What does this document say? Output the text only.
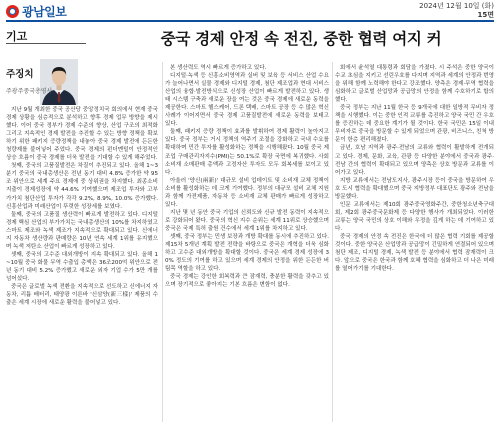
광남일보	2024년 12월 10일 (화)
15면
기고	중국 경제 안정 속 전진, 중한 협력 여지 커
주징치
주광주중국총영사

지난 9월 개최한 중국 공산당 중앙정치국 회의에서 현재 중국 경제 상황을 심층적으로 분석하고 향후 경제 업무 방향을 제시했다. 이어 중국 정부가 경제 수준의 향상, 산업 구조의 최적화 그리고 지속적인 경제 발전을 추진할 수 있는 방향 정책을 확보하기 위한 패키지 증량정책을 내놓아 중국 경제 발전에 든든한 청량제를 불어넣어 주었다. 중국 경제의 펀더멘털이 안정적인 상승 흐름이 중국 경제를 더욱 발전을 기대할 수 있게 해주었다.

첫째, 중국의 고품질발전은 차질이 추진되고 있다. 올해 1~3분기 중국의 국내총생산은 전년 동기 대비 4.8% 증가한 약 95조 위안으로 세계 주요 경제에 중 상위권을 차지했다. 최종소비지출이 경제성장에 약 44.6% 기여했으며 제조업 투자와 고부가가치 첨단산업 투자가 각각 9.2%, 8.9%, 10.0% 증가했다. 신흥산업과 미래산업이 뚜렷한 성장세를 보였다.

둘째, 중국의 고품질 생산력이 빠르게 발전하고 있다. 디지털 경제 핵심 산업의 부가가치는 국내총생산의 10%를 차지하였고 스마트 제조와 녹색 제조가 지속적으로 확대되고 있다. 신에너지 자동차 생산량과 판매량은 10년 연속 세계 1위를 유지했으며 녹색 저탄소 산업이 빠르게 성장하고 있다.

셋째, 중국의 고수준 대외개방이 지속 확대되고 있다. 올해 1~10월 중국 화물 무역 수출입 총액은 36조200억 위안으로 전년 동기 대비 5.2% 증가했고 새로운 외자 기업 수가 5만 개를 넘어섰다.

중국은 글로벌 녹색 전환을 지속적으로 선도하고 신에너지 자동차, 리튬 배터리, 태양광 이른바 '신삼양(新三樣)' 제품의 수출은 세계 시장에 새로운 활력을 불어넣고 있다.

본 생산력도 역시 빠르게 증가하고 있다.

디지털·녹색 등 신흥소비영역과 실버 및 보육 등 서비스 산업 수요가 늘어나면서 실물 경제와 디지털 경제, 첨단 제조업과 현대 서비스 산업의 융합·발전방식으로 신성장 산업이 빠르게 발전하고 있다. 생태 시스템 구축과 새로운 장을 여는 것은 중국 경제에 새로운 동력을 제공한다. 스마트 헬스케어, 드론 택배, 스마트 공장 등 수 많은 혁신 사례가 이어지면서 중국 경제 고품질발전에 새로운 동력을 보태고 있다.

둘째, 패키지 증량 정책이 효과를 발휘하여 경제 활력이 높아지고 있다. 중국 정부는 거시 정책의 역주기 조절을 강화하고 국내 수요를 확대하며 민간 투자를 활성화하는 정책을 시행해왔다. 10월 중국 제조업 구매관리자지수(PMI)는 50.1%로 확장 국면에 복귀했다. 사회소비재 소매판매 총액과 고정자산 투자도 모두 회복세를 보이고 있다.

아울러 '양신(兩新)' 대규모 설비 업데이트 및 소비재 교체 정책이 소비를 활성화하는 데 크게 기여했다. 정부의 대규모 설비 교체 지원과 함께 가전제품, 자동차 등 소비재 교체 판매가 빠르게 성장하고 있다.

지난 몇 년 동안 중국 기업의 신뢰도와 신규 발전 동력이 지속적으로 강화되어 왔다. 중국의 혁신 지수 순위는 세계 11위로 상승했으며 중국은 국제 특허 출원 건수에서 세계 1위를 차지하고 있다.

셋째, 중국 정부는 민생 보장과 개방 확대를 동시에 추진하고 있다. 제15차 5개년 계획 발전 전략을 바탕으로 중국은 개혁을 더욱 심화하고 고수준 대외개방을 확대할 것이다. 중국은 세계 경제 성장에 30% 정도의 기여를 하고 있으며 세계 경제의 안정을 위한 든든한 버팀목 역할을 하고 있다.

중국 경제는 강인한 회복력과 큰 잠재력, 충분한 활력을 갖추고 있으며 장기적으로 좋아지는 기본 흐름은 변함이 없다.

회에서 윤석열 대통령과 회담을 가졌다. 시 주석은 중한 양국이 수교 초심을 지키고 선린우호를 다지며 지역과 세계의 안정과 번영을 위해 함께 노력해야 한다고 강조했다. 양측은 경제·무역 협력을 심화하고 글로벌 산업망과 공급망의 안정을 함께 수호하기로 합의했다.

중국 정부는 지난 11월 한국 등 9개국에 대한 일방적 무비자 정책을 시행했다. 이는 중한 인적 교류를 촉진하고 양국 국민 간 우호를 증진하는 데 중요한 계기가 될 것이다. 한국 국민은 15일 이내 무비자로 중국을 방문할 수 있게 되었으며 관광, 비즈니스, 친척 방문이 한층 편리해졌다.

금년, 호남 지역과 광주·전남의 교류와 협력이 활발하게 전개되고 있다. 경제, 문화, 교육, 관광 등 다양한 분야에서 중국과 광주·전남 간의 협력이 확대되고 있으며 양측은 상호 방문과 교류를 이어가고 있다.

지방 교류에서는 전남도지사, 광주시장 등이 중국을 방문하여 우호 도시 협력을 확대했으며 중국 지방정부 대표단도 광주와 전남을 방문했다.

인문 교류에서는 제10회 광주중국영화주간, 중한청소년축구대회, 제2회 광주중국문화제 등 다양한 행사가 개최되었다. 이러한 교류는 양국 국민의 상호 이해와 우정을 깊게 하는 데 기여하고 있다.

중국 경제의 안정 속 전진은 한국에 더 많은 협력 기회를 제공할 것이다. 중한 양국은 산업망과 공급망이 긴밀하게 연결되어 있으며 첨단 제조, 디지털 경제, 녹색 발전 등 분야에서 협력 잠재력이 크다. 앞으로 중국은 한국과 함께 호혜 협력을 심화하고 더 나은 미래를 열어가기를 기대한다.
